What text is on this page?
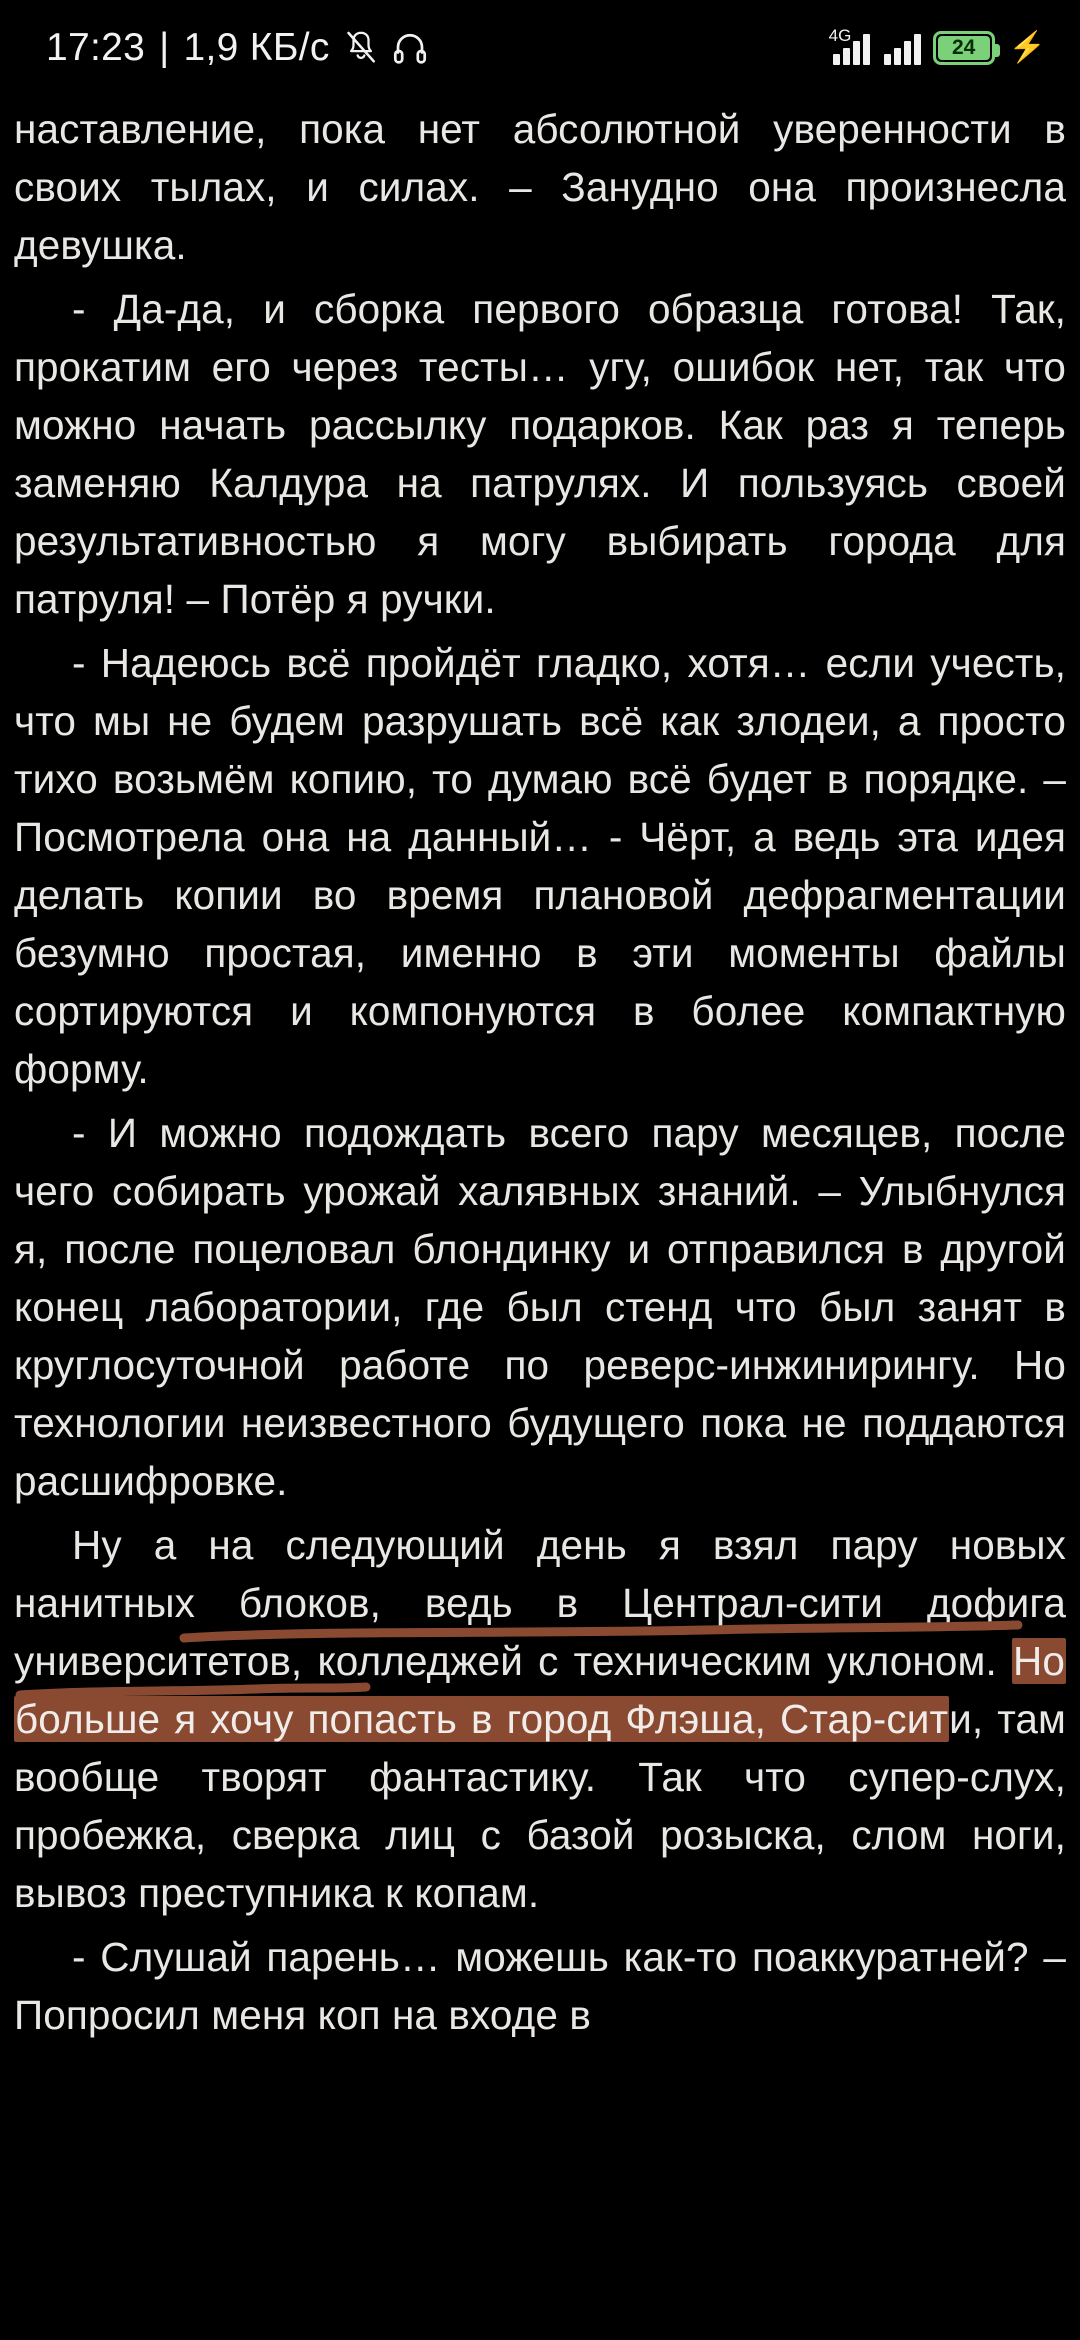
17:23 | 1,9 КБ/с	4G
24 ⚡

наставление, пока нет абсолютной уверенности в своих тылах, и силах. – Занудно она произнесла девушка.

- Да-да, и сборка первого образца готова! Так, прокатим его через тесты… угу, ошибок нет, так что можно начать рассылку подарков. Как раз я теперь заменяю Калдура на патрулях. И пользуясь своей результативностью я могу выбирать города для патруля! – Потёр я ручки.

- Надеюсь всё пройдёт гладко, хотя… если учесть, что мы не будем разрушать всё как злодеи, а просто тихо возьмём копию, то думаю всё будет в порядке. – Посмотрела она на данный… - Чёрт, а ведь эта идея делать копии во время плановой дефрагментации безумно простая, именно в эти моменты файлы сортируются и компонуются в более компактную форму.

- И можно подождать всего пару месяцев, после чего собирать урожай халявных знаний. – Улыбнулся я, после поцеловал блондинку и отправился в другой конец лаборатории, где был стенд что был занят в круглосуточной работе по реверс-инжинирингу. Но технологии неизвестного будущего пока не поддаются расшифровке.

Ну а на следующий день я взял пару новых нанитных блоков, ведь в Централ-сити дофига университетов, колледжей с техническим уклоном. Но больше я хочу попасть в город Флэша, Стар-сити, там вообще творят фантастику. Так что супер-слух, пробежка, сверка лиц с базой розыска, слом ноги, вывоз преступника к копам.

- Слушай парень… можешь как-то поаккуратней? – Попросил меня коп на входе в
